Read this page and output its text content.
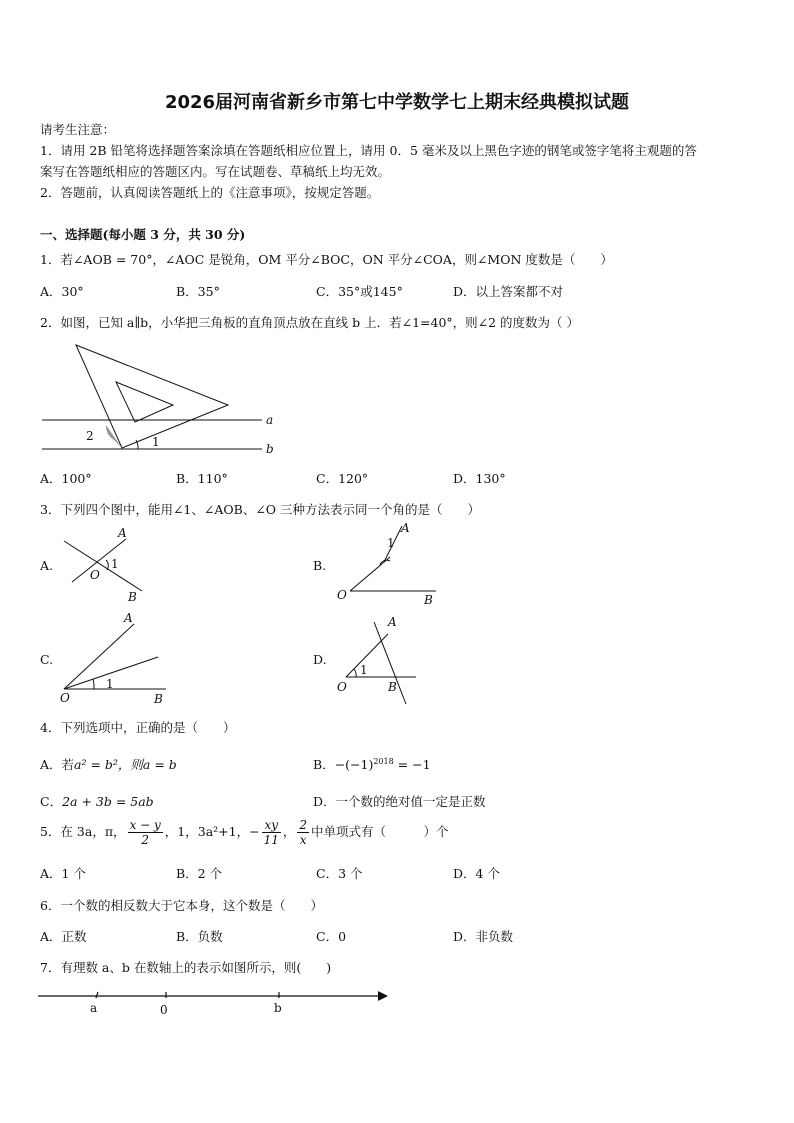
2026届河南省新乡市第七中学数学七上期末经典模拟试题
请考生注意：
1．请用 2B 铅笔将选择题答案涂填在答题纸相应位置上，请用 0．5 毫米及以上黑色字迹的钢笔或签字笔将主观题的答
案写在答题纸相应的答题区内。写在试题卷、草稿纸上均无效。
2．答题前，认真阅读答题纸上的《注意事项》，按规定答题。
一、选择题(每小题 3 分，共 30 分)
1．若∠AOB = 70°，∠AOC 是锐角，OM 平分∠BOC，ON 平分∠COA，则∠MON 度数是（　　）
A．30°	B．35°	C．35°或145°	D．以上答案都不对
2．如图，已知 a∥b，小华把三角板的直角顶点放在直线 b 上．若∠1=40°，则∠2 的度数为（ ）
a
b
1
2
A．100°	B．110°	C．120°	D．130°
3．下列四个图中，能用∠1、∠AOB、∠O 三种方法表示同一个角的是（　　）
A.
A
O
1
B
B.
A
1
O	B
C.
A
1
O	B
D.
A
1
O	B
4．下列选项中，正确的是（　　）
A．若a² = b²，则a = b	B．$-(-1)^{2018} = -1$
C．2a + 3b = 5ab	D．一个数的绝对值一定是正数
5．在 3a，π， $\frac{x - y}{2}$ ，1，3a²+1，− $\frac{xy}{11}$ ， $\frac{2}{x}$ 中单项式有（　　　）个
A．1 个	B．2 个	C．3 个	D．4 个
6．一个数的相反数大于它本身，这个数是（　　）
A．正数	B．负数	C．0	D．非负数
7．有理数 a、b 在数轴上的表示如图所示，则(　　)
a	0	b
